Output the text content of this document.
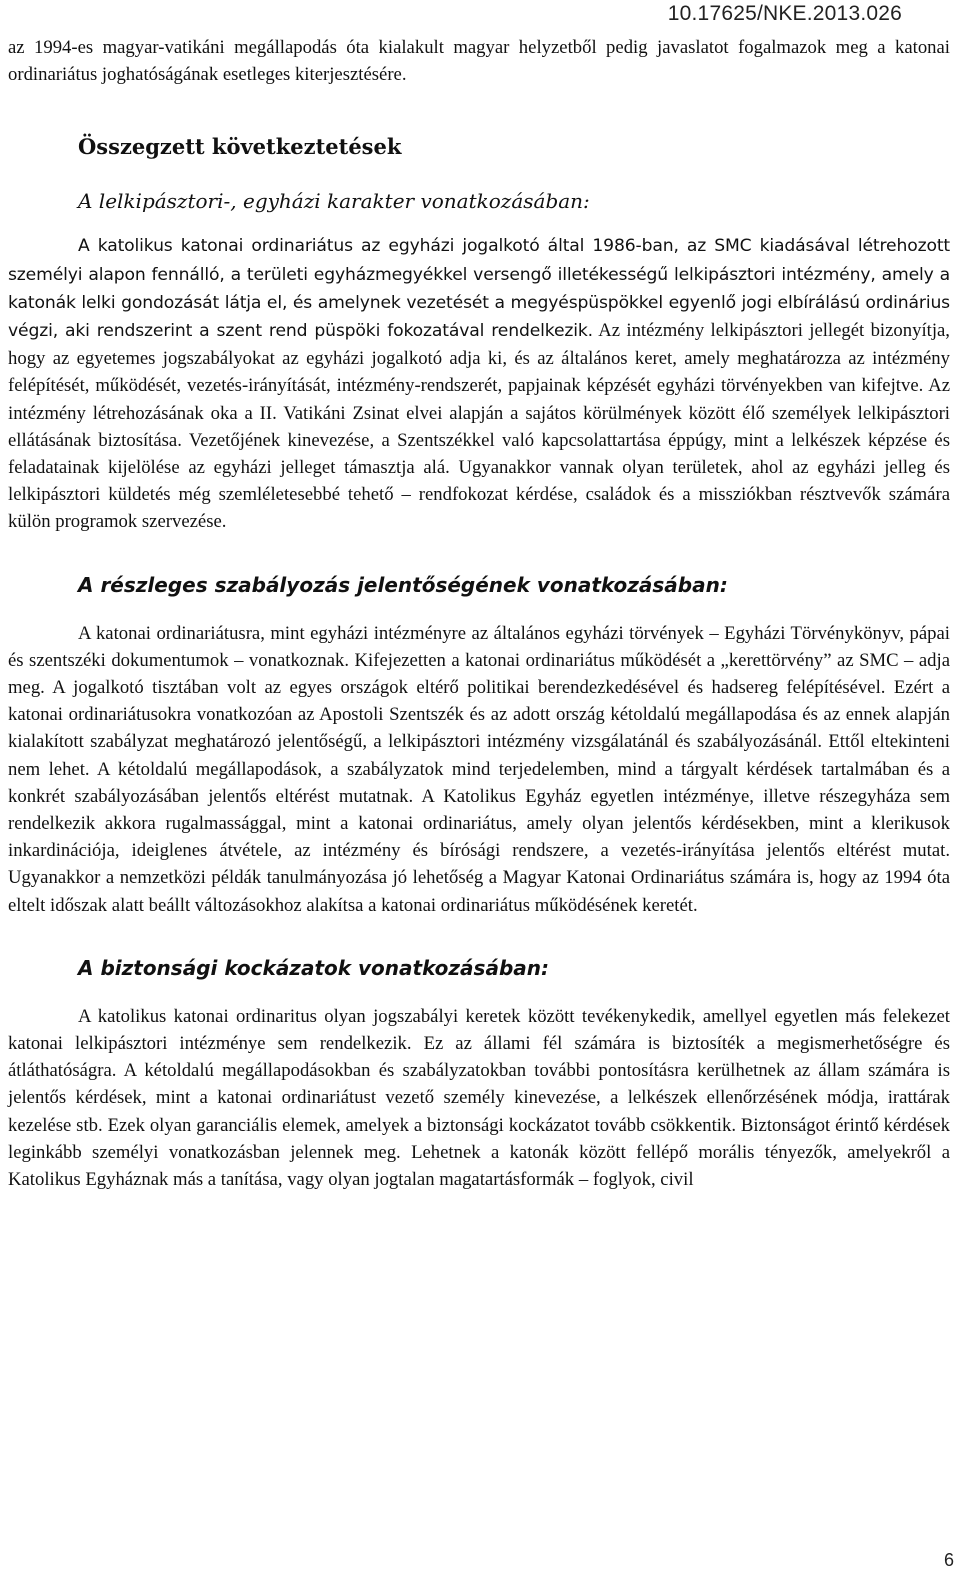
10.17625/NKE.2013.026

az 1994-es magyar-vatikáni megállapodás óta kialakult magyar helyzetből pedig javaslatot fogalmazok meg a katonai ordinariátus joghatóságának esetleges kiterjesztésére.

Összegzett következtetések
A lelkipásztori-, egyházi karakter vonatkozásában:

A katolikus katonai ordinariátus az egyházi jogalkotó által 1986-ban, az SMC kiadásával létrehozott személyi alapon fennálló, a területi egyházmegyékkel versengő illetékességű lelkipásztori intézmény, amely a katonák lelki gondozását látja el, és amelynek vezetését a megyéspüspökkel egyenlő jogi elbírálású ordinárius végzi, aki rendszerint a szent rend püspöki fokozatával rendelkezik. Az intézmény lelkipásztori jellegét bizonyítja, hogy az egyetemes jogszabályokat az egyházi jogalkotó adja ki, és az általános keret, amely meghatározza az intézmény felépítését, működését, vezetés-irányítását, intézmény-rendszerét, papjainak képzését egyházi törvényekben van kifejtve. Az intézmény létrehozásának oka a II. Vatikáni Zsinat elvei alapján a sajátos körülmények között élő személyek lelkipásztori ellátásának biztosítása. Vezetőjének kinevezése, a Szentszékkel való kapcsolattartása éppúgy, mint a lelkészek képzése és feladatainak kijelölése az egyházi jelleget támasztja alá. Ugyanakkor vannak olyan területek, ahol az egyházi jelleg és lelkipásztori küldetés még szemléletesebbé tehető – rendfokozat kérdése, családok és a missziókban résztvevők számára külön programok szervezése.

A részleges szabályozás jelentőségének vonatkozásában:

A katonai ordinariátusra, mint egyházi intézményre az általános egyházi törvények – Egyházi Törvénykönyv, pápai és szentszéki dokumentumok – vonatkoznak. Kifejezetten a katonai ordinariátus működését a „kerettörvény” az SMC – adja meg. A jogalkotó tisztában volt az egyes országok eltérő politikai berendezkedésével és hadsereg felépítésével. Ezért a katonai ordinariátusokra vonatkozóan az Apostoli Szentszék és az adott ország kétoldalú megállapodása és az ennek alapján kialakított szabályzat meghatározó jelentőségű, a lelkipásztori intézmény vizsgálatánál és szabályozásánál. Ettől eltekinteni nem lehet. A kétoldalú megállapodások, a szabályzatok mind terjedelemben, mind a tárgyalt kérdések tartalmában és a konkrét szabályozásában jelentős eltérést mutatnak. A Katolikus Egyház egyetlen intézménye, illetve részegyháza sem rendelkezik akkora rugalmassággal, mint a katonai ordinariátus, amely olyan jelentős kérdésekben, mint a klerikusok inkardinációja, ideiglenes átvétele, az intézmény és bírósági rendszere, a vezetés-irányítása jelentős eltérést mutat. Ugyanakkor a nemzetközi példák tanulmányozása jó lehetőség a Magyar Katonai Ordinariátus számára is, hogy az 1994 óta eltelt időszak alatt beállt változásokhoz alakítsa a katonai ordinariátus működésének keretét.

A biztonsági kockázatok vonatkozásában:

A katolikus katonai ordinaritus olyan jogszabályi keretek között tevékenykedik, amellyel egyetlen más felekezet katonai lelkipásztori intézménye sem rendelkezik. Ez az állami fél számára is biztosíték a megismerhetőségre és átláthatóságra. A kétoldalú megállapodásokban és szabályzatokban további pontosításra kerülhetnek az állam számára is jelentős kérdések, mint a katonai ordinariátust vezető személy kinevezése, a lelkészek ellenőrzésének módja, irattárak kezelése stb. Ezek olyan garanciális elemek, amelyek a biztonsági kockázatot tovább csökkentik. Biztonságot érintő kérdések leginkább személyi vonatkozásban jelennek meg. Lehetnek a katonák között fellépő morális tényezők, amelyekről a Katolikus Egyháznak más a tanítása, vagy olyan jogtalan magatartásformák – foglyok, civil

6
